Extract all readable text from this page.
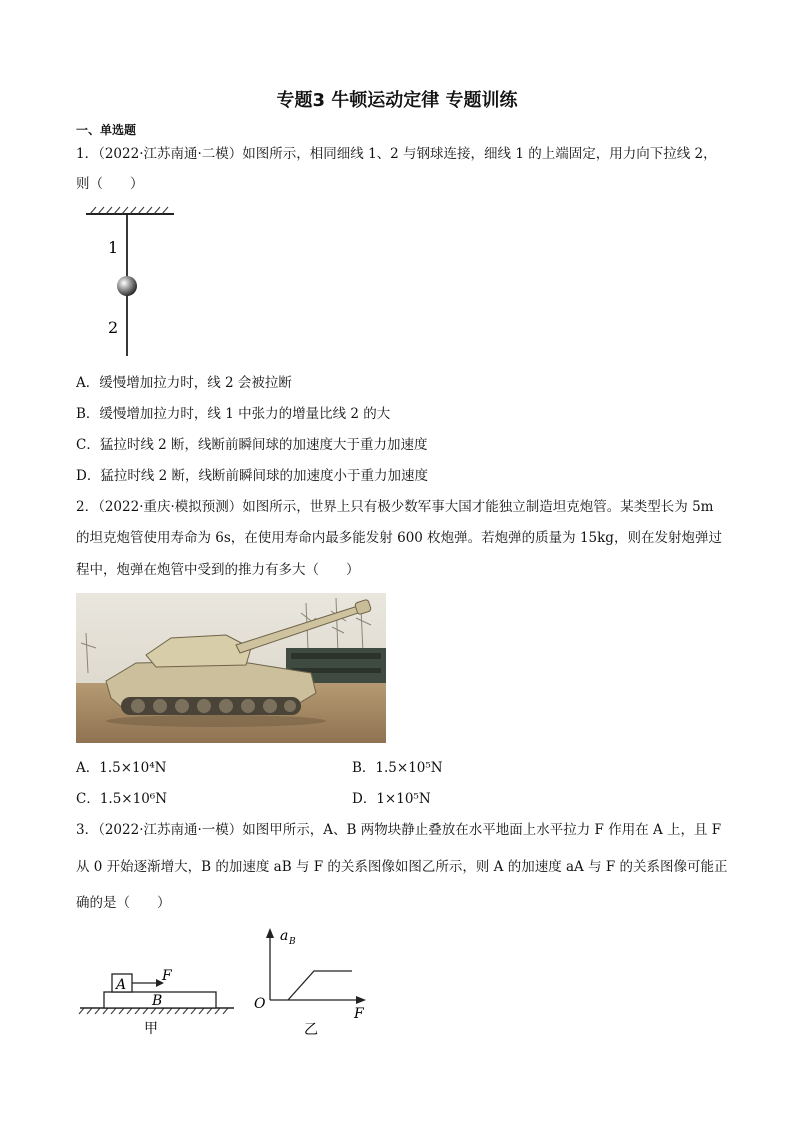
专题3 牛顿运动定律 专题训练
一、单选题
1．（2022·江苏南通·二模）如图所示，相同细线 1、2 与钢球连接，细线 1 的上端固定，用力向下拉线 2，
则（　　）
1
2
A．缓慢增加拉力时，线 2 会被拉断
B．缓慢增加拉力时，线 1 中张力的增量比线 2 的大
C．猛拉时线 2 断，线断前瞬间球的加速度大于重力加速度
D．猛拉时线 2 断，线断前瞬间球的加速度小于重力加速度
2．（2022·重庆·模拟预测）如图所示，世界上只有极少数军事大国才能独立制造坦克炮管。某类型长为 5m
的坦克炮管使用寿命为 6s，在使用寿命内最多能发射 600 枚炮弹。若炮弹的质量为 15kg，则在发射炮弹过
程中，炮弹在炮管中受到的推力有多大（　　）
A．1.5×10⁴N	B．1.5×10⁵N
C．1.5×10⁶N	D．1×10⁵N
3．（2022·江苏南通·一模）如图甲所示，A、B 两物块静止叠放在水平地面上水平拉力 F 作用在 A 上，且 F
从 0 开始逐渐增大，B 的加速度 aB 与 F 的关系图像如图乙所示，则 A 的加速度 aA 与 F 的关系图像可能正
确的是（　　）
A
B
F
甲
a B
O
F
乙
